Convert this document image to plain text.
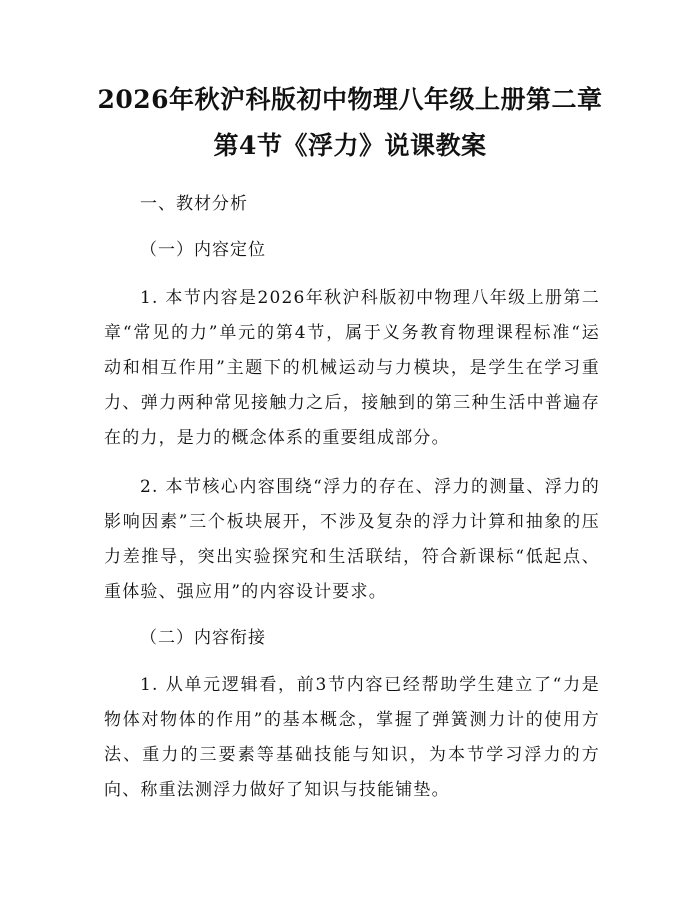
2026年秋沪科版初中物理八年级上册第二章
第4节《浮力》说课教案
一、教材分析
（一）内容定位

1. 本节内容是2026年秋沪科版初中物理八年级上册第二章“常见的力”单元的第4节，属于义务教育物理课程标准“运动和相互作用”主题下的机械运动与力模块，是学生在学习重力、弹力两种常见接触力之后，接触到的第三种生活中普遍存在的力，是力的概念体系的重要组成部分。

2. 本节核心内容围绕“浮力的存在、浮力的测量、浮力的影响因素”三个板块展开，不涉及复杂的浮力计算和抽象的压力差推导，突出实验探究和生活联结，符合新课标“低起点、重体验、强应用”的内容设计要求。

（二）内容衔接

1. 从单元逻辑看，前3节内容已经帮助学生建立了“力是物体对物体的作用”的基本概念，掌握了弹簧测力计的使用方法、重力的三要素等基础技能与知识，为本节学习浮力的方向、称重法测浮力做好了知识与技能铺垫。
